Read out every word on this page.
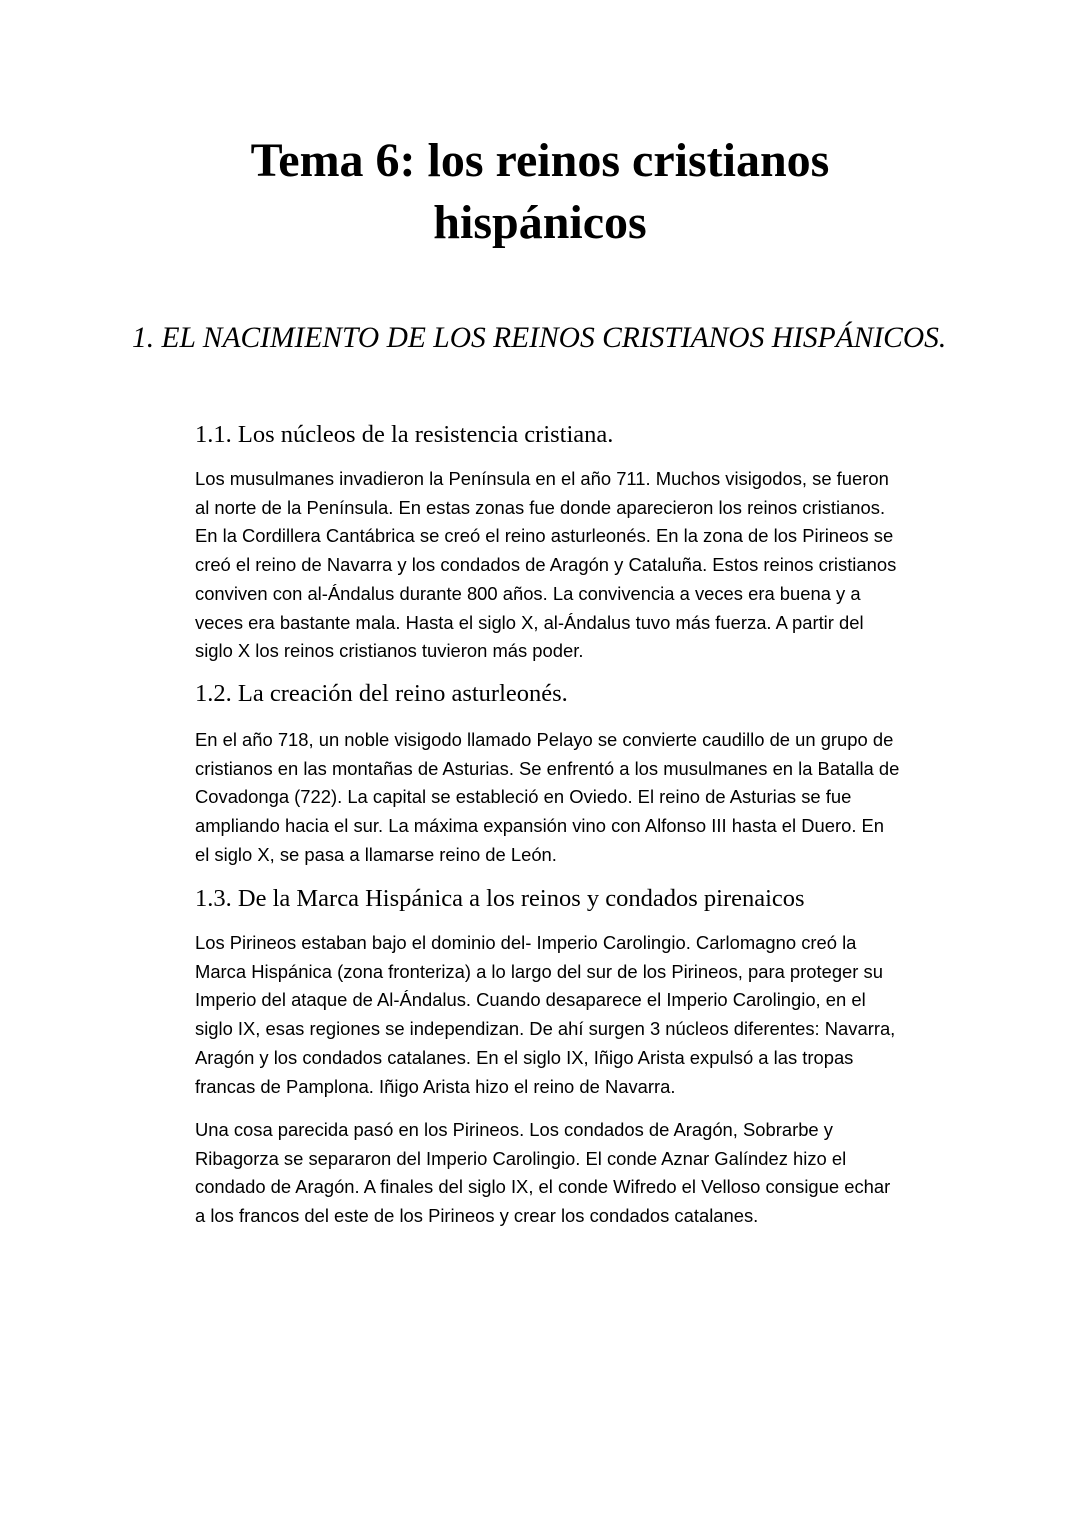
Tema 6: los reinos cristianos
hispánicos
1. EL NACIMIENTO DE LOS REINOS CRISTIANOS HISPÁNICOS.
1.1. Los núcleos de la resistencia cristiana.

Los musulmanes invadieron la Península en el año 711. Muchos visigodos, se fueron
al norte de la Península. En estas zonas fue donde aparecieron los reinos cristianos.
En la Cordillera Cantábrica se creó el reino asturleonés. En la zona de los Pirineos se
creó el reino de Navarra y los condados de Aragón y Cataluña. Estos reinos cristianos
conviven con al-Ándalus durante 800 años. La convivencia a veces era buena y a
veces era bastante mala. Hasta el siglo X, al-Ándalus tuvo más fuerza. A partir del
siglo X los reinos cristianos tuvieron más poder.

1.2. La creación del reino asturleonés.

En el año 718, un noble visigodo llamado Pelayo se convierte caudillo de un grupo de
cristianos en las montañas de Asturias. Se enfrentó a los musulmanes en la Batalla de
Covadonga (722). La capital se estableció en Oviedo. El reino de Asturias se fue
ampliando hacia el sur. La máxima expansión vino con Alfonso III hasta el Duero. En
el siglo X, se pasa a llamarse reino de León.

1.3. De la Marca Hispánica a los reinos y condados pirenaicos

Los Pirineos estaban bajo el dominio del- Imperio Carolingio. Carlomagno creó la
Marca Hispánica (zona fronteriza) a lo largo del sur de los Pirineos, para proteger su
Imperio del ataque de Al-Ándalus. Cuando desaparece el Imperio Carolingio, en el
siglo IX, esas regiones se independizan. De ahí surgen 3 núcleos diferentes: Navarra,
Aragón y los condados catalanes. En el siglo IX, Iñigo Arista expulsó a las tropas
francas de Pamplona. Iñigo Arista hizo el reino de Navarra.

Una cosa parecida pasó en los Pirineos. Los condados de Aragón, Sobrarbe y
Ribagorza se separaron del Imperio Carolingio. El conde Aznar Galíndez hizo el
condado de Aragón. A finales del siglo IX, el conde Wifredo el Velloso consigue echar
a los francos del este de los Pirineos y crear los condados catalanes.
